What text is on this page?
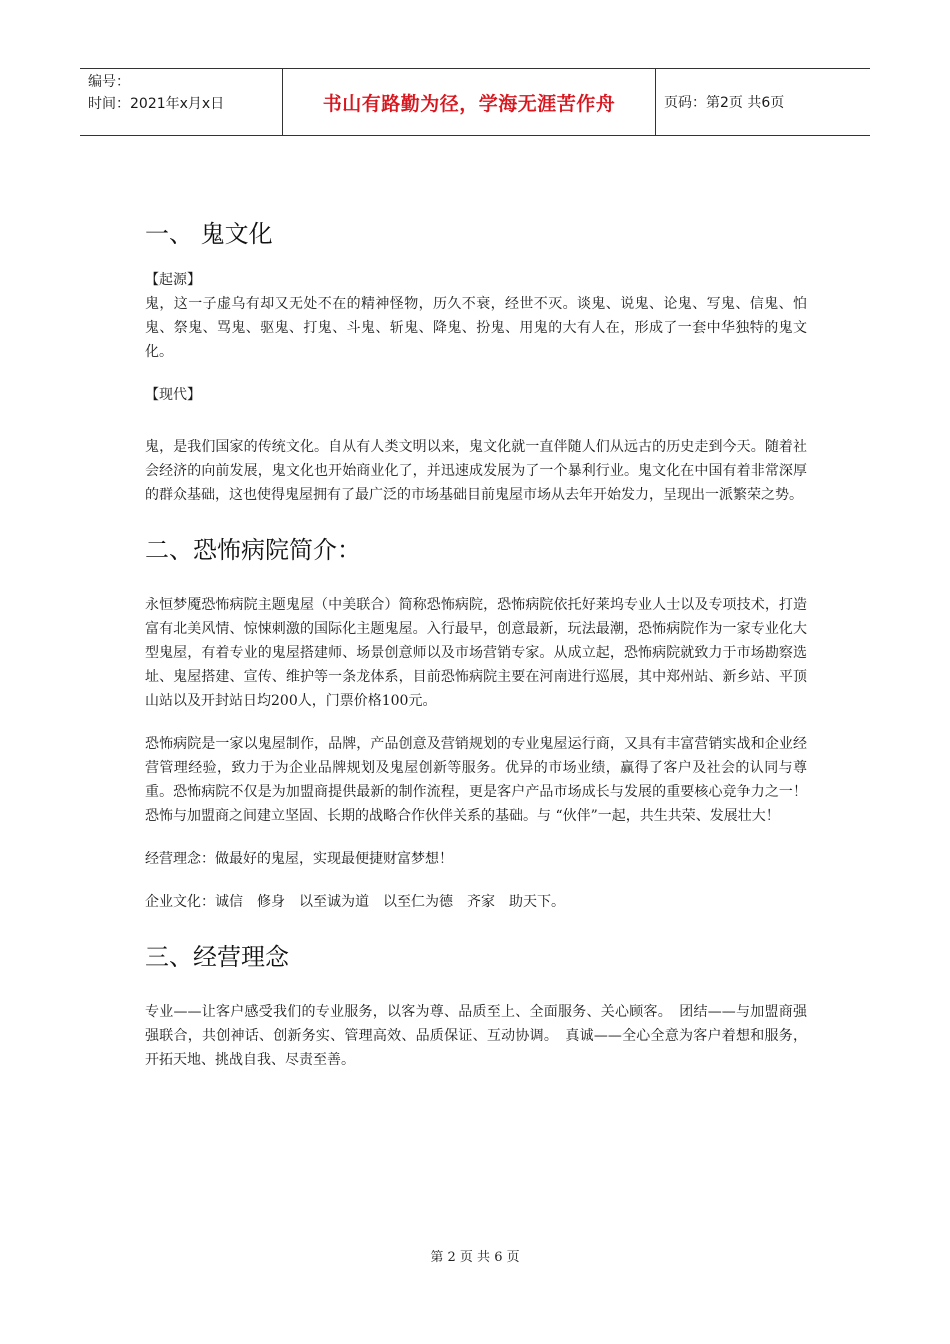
编号：
时间：2021年x月x日	书山有路勤为径，学海无涯苦作舟	页码：第2页 共6页
一、 鬼文化

【起源】

鬼，这一子虚乌有却又无处不在的精神怪物，历久不衰，经世不灭。谈鬼、说鬼、论鬼、写鬼、信鬼、怕鬼、祭鬼、骂鬼、驱鬼、打鬼、斗鬼、斩鬼、降鬼、扮鬼、用鬼的大有人在，形成了一套中华独特的鬼文化。

【现代】

鬼，是我们国家的传统文化。自从有人类文明以来，鬼文化就一直伴随人们从远古的历史走到今天。随着社会经济的向前发展，鬼文化也开始商业化了，并迅速成发展为了一个暴利行业。鬼文化在中国有着非常深厚的群众基础，这也使得鬼屋拥有了最广泛的市场基础目前鬼屋市场从去年开始发力，呈现出一派繁荣之势。

二、恐怖病院简介：

永恒梦魇恐怖病院主题鬼屋（中美联合）简称恐怖病院，恐怖病院依托好莱坞专业人士以及专项技术，打造富有北美风情、惊悚刺激的国际化主题鬼屋。入行最早，创意最新，玩法最潮，恐怖病院作为一家专业化大型鬼屋，有着专业的鬼屋搭建师、场景创意师以及市场营销专家。从成立起，恐怖病院就致力于市场勘察选址、鬼屋搭建、宣传、维护等一条龙体系，目前恐怖病院主要在河南进行巡展，其中郑州站、新乡站、平顶山站以及开封站日均200人，门票价格100元。

恐怖病院是一家以鬼屋制作，品牌，产品创意及营销规划的专业鬼屋运行商，又具有丰富营销实战和企业经营管理经验，致力于为企业品牌规划及鬼屋创新等服务。优异的市场业绩，赢得了客户及社会的认同与尊重。恐怖病院不仅是为加盟商提供最新的制作流程，更是客户产品市场成长与发展的重要核心竞争力之一！恐怖与加盟商之间建立坚固、长期的战略合作伙伴关系的基础。与 “伙伴”一起，共生共荣、发展壮大！

经营理念：做最好的鬼屋，实现最便捷财富梦想！

企业文化：诚信　修身　以至诚为道　以至仁为德　齐家　助天下。

三、经营理念

专业——让客户感受我们的专业服务，以客为尊、品质至上、全面服务、关心顾客。　团结——与加盟商强强联合，共创神话、创新务实、管理高效、品质保证、互动协调。　真诚——全心全意为客户着想和服务，开拓天地、挑战自我、尽责至善。

第 2 页 共 6 页
